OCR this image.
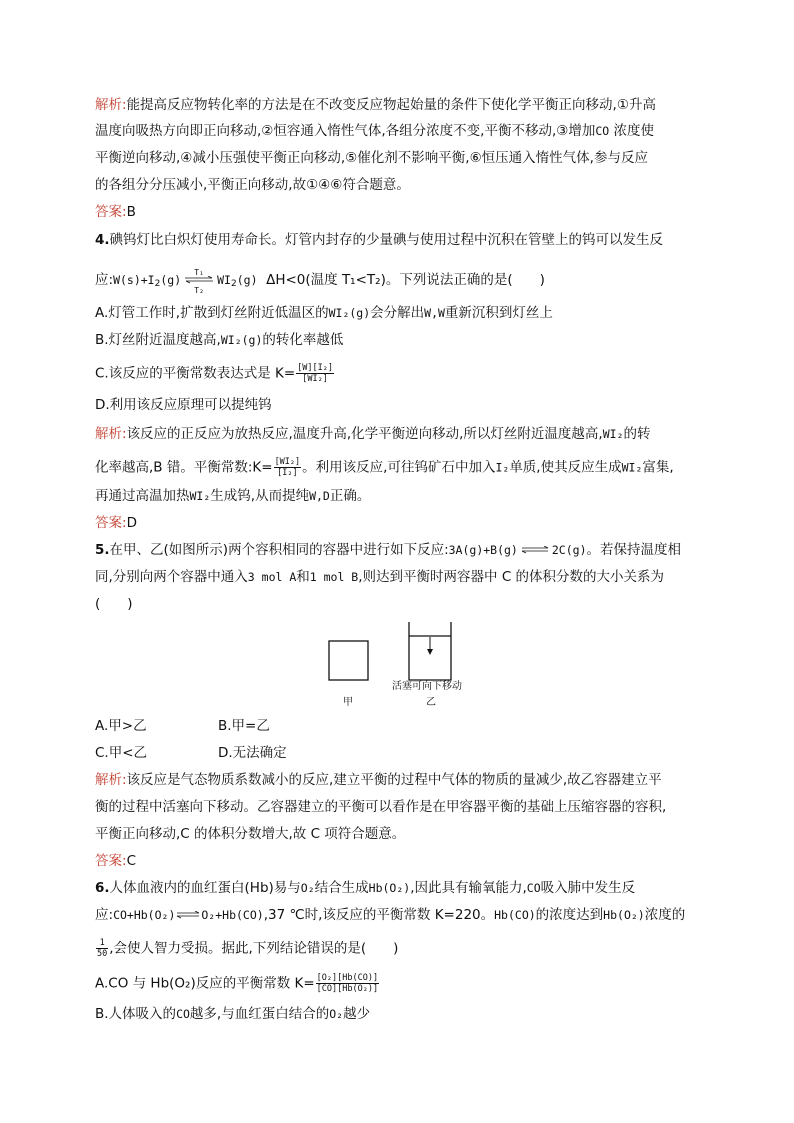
解析:能提高反应物转化率的方法是在不改变反应物起始量的条件下使化学平衡正向移动,①升高
温度向吸热方向即正向移动,②恒容通入惰性气体,各组分浓度不变,平衡不移动,③增加CO 浓度使
平衡逆向移动,④减小压强使平衡正向移动,⑤催化剂不影响平衡,⑥恒压通入惰性气体,参与反应
的各组分分压减小,平衡正向移动,故①④⑥符合题意。
答案:B
4.碘钨灯比白炽灯使用寿命长。灯管内封存的少量碘与使用过程中沉积在管壁上的钨可以发生反
应$:W(s)+I_2(g)$
T₁
T₂
$WI_2(g)$ ΔH<0(温度 T₁<T₂)。下列说法正确的是(　　)
A.灯管工作时,扩散到灯丝附近低温区的WI₂(g)会分解出W,W重新沉积到灯丝上
B.灯丝附近温度越高,WI₂(g)的转化率越低
C.该反应的平衡常数表达式是 $K= \frac{\text{[W][I₂]}}{\text{[WI₂]}}$
D.利用该反应原理可以提纯钨
解析:该反应的正反应为放热反应,温度升高,化学平衡逆向移动,所以灯丝附近温度越高,WI₂的转
化率越高,B 错。平衡常数:K= $\frac{\text{[WI₂]}}{\text{[I₂]}}$ 。利用该反应,可往钨矿石中加入I₂单质,使其反应生成WI₂富集,
再通过高温加热WI₂生成钨,从而提纯W,D正确。
答案:D
5.在甲、乙(如图所示)两个容积相同的容器中进行如下反应:3A(g)+B(g) ⇌ 2C(g)。若保持温度相
同,分别向两个容器中通入3 mol A和1 mol B,则达到平衡时两容器中 C 的体积分数的大小关系为
(　　)
活塞可向下移动
甲	乙
A.甲>乙	B.甲=乙
C.甲<乙	D.无法确定
解析:该反应是气态物质系数减小的反应,建立平衡的过程中气体的物质的量减少,故乙容器建立平
衡的过程中活塞向下移动。乙容器建立的平衡可以看作是在甲容器平衡的基础上压缩容器的容积,
平衡正向移动,C 的体积分数增大,故 C 项符合题意。
答案:C
6.人体血液内的血红蛋白(Hb)易与O₂结合生成Hb(O₂),因此具有输氧能力,CO吸入肺中发生反
应:CO+Hb(O₂)⇌O₂+Hb(CO),37 ℃时,该反应的平衡常数 K=220。Hb(CO)的浓度达到Hb(O₂)浓度的
$\frac{1}{50}$ ,会使人智力受损。据此,下列结论错误的是(　　)
A.CO 与 Hb(O₂)反应的平衡常数 $K= \frac{\text{[O₂][Hb(CO)]}}{\text{[CO][Hb(O₂)]}}$
B.人体吸入的CO越多,与血红蛋白结合的O₂越少
